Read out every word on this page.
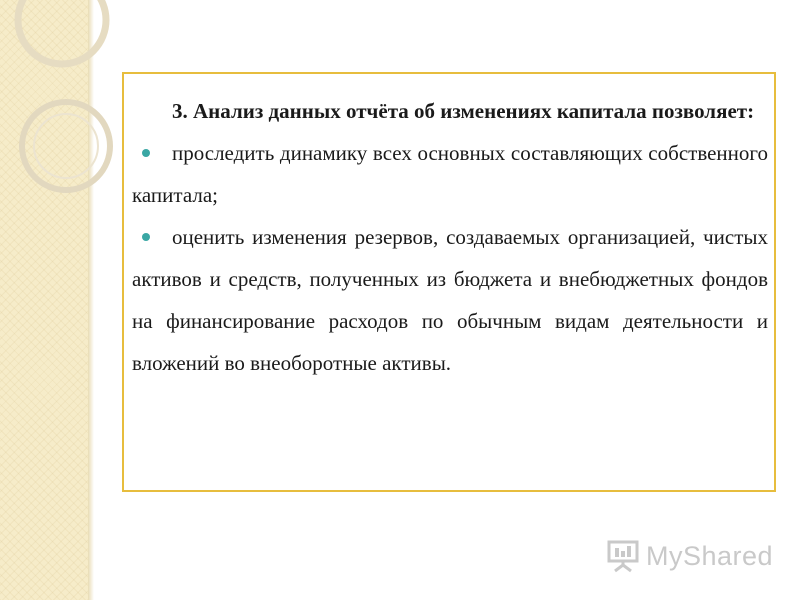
3. Анализ данных отчёта об изменениях капитала позволяет:

проследить динамику всех основных составляющих собственного капитала;

оценить изменения резервов, создаваемых организацией, чистых активов и средств, полученных из бюджета и внебюджетных фондов на финансирование расходов по обычным видам деятельности и вложений во внеоборотные активы.

MyShared
